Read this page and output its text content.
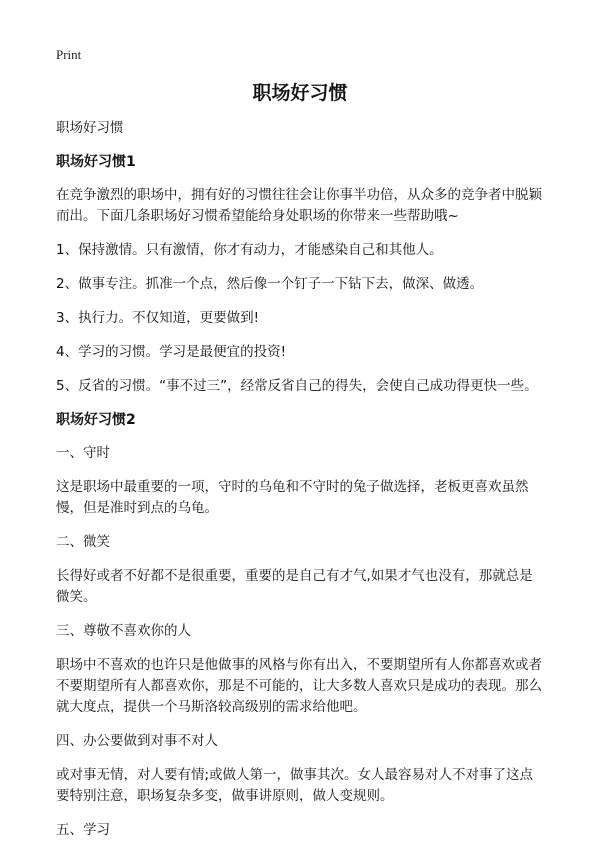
Print
职场好习惯

职场好习惯

职场好习惯1

在竞争激烈的职场中，拥有好的习惯往往会让你事半功倍，从众多的竞争者中脱颖而出。下面几条职场好习惯希望能给身处职场的你带来一些帮助哦~

1、保持激情。只有激情，你才有动力，才能感染自己和其他人。

2、做事专注。抓准一个点，然后像一个钉子一下钻下去，做深、做透。

3、执行力。不仅知道，更要做到!

4、学习的习惯。学习是最便宜的投资!

5、反省的习惯。“事不过三”，经常反省自己的得失，会使自己成功得更快一些。

职场好习惯2

一、守时

这是职场中最重要的一项，守时的乌龟和不守时的兔子做选择，老板更喜欢虽然慢，但是准时到点的乌龟。

二、微笑

长得好或者不好都不是很重要，重要的是自己有才气,如果才气也没有，那就总是微笑。

三、尊敬不喜欢你的人

职场中不喜欢的也许只是他做事的风格与你有出入，不要期望所有人你都喜欢或者不要期望所有人都喜欢你，那是不可能的，让大多数人喜欢只是成功的表现。那么就大度点，提供一个马斯洛较高级别的需求给他吧。

四、办公要做到对事不对人

或对事无情，对人要有情;或做人第一，做事其次。女人最容易对人不对事了这点要特别注意，职场复杂多变，做事讲原则，做人变规则。

五、学习
